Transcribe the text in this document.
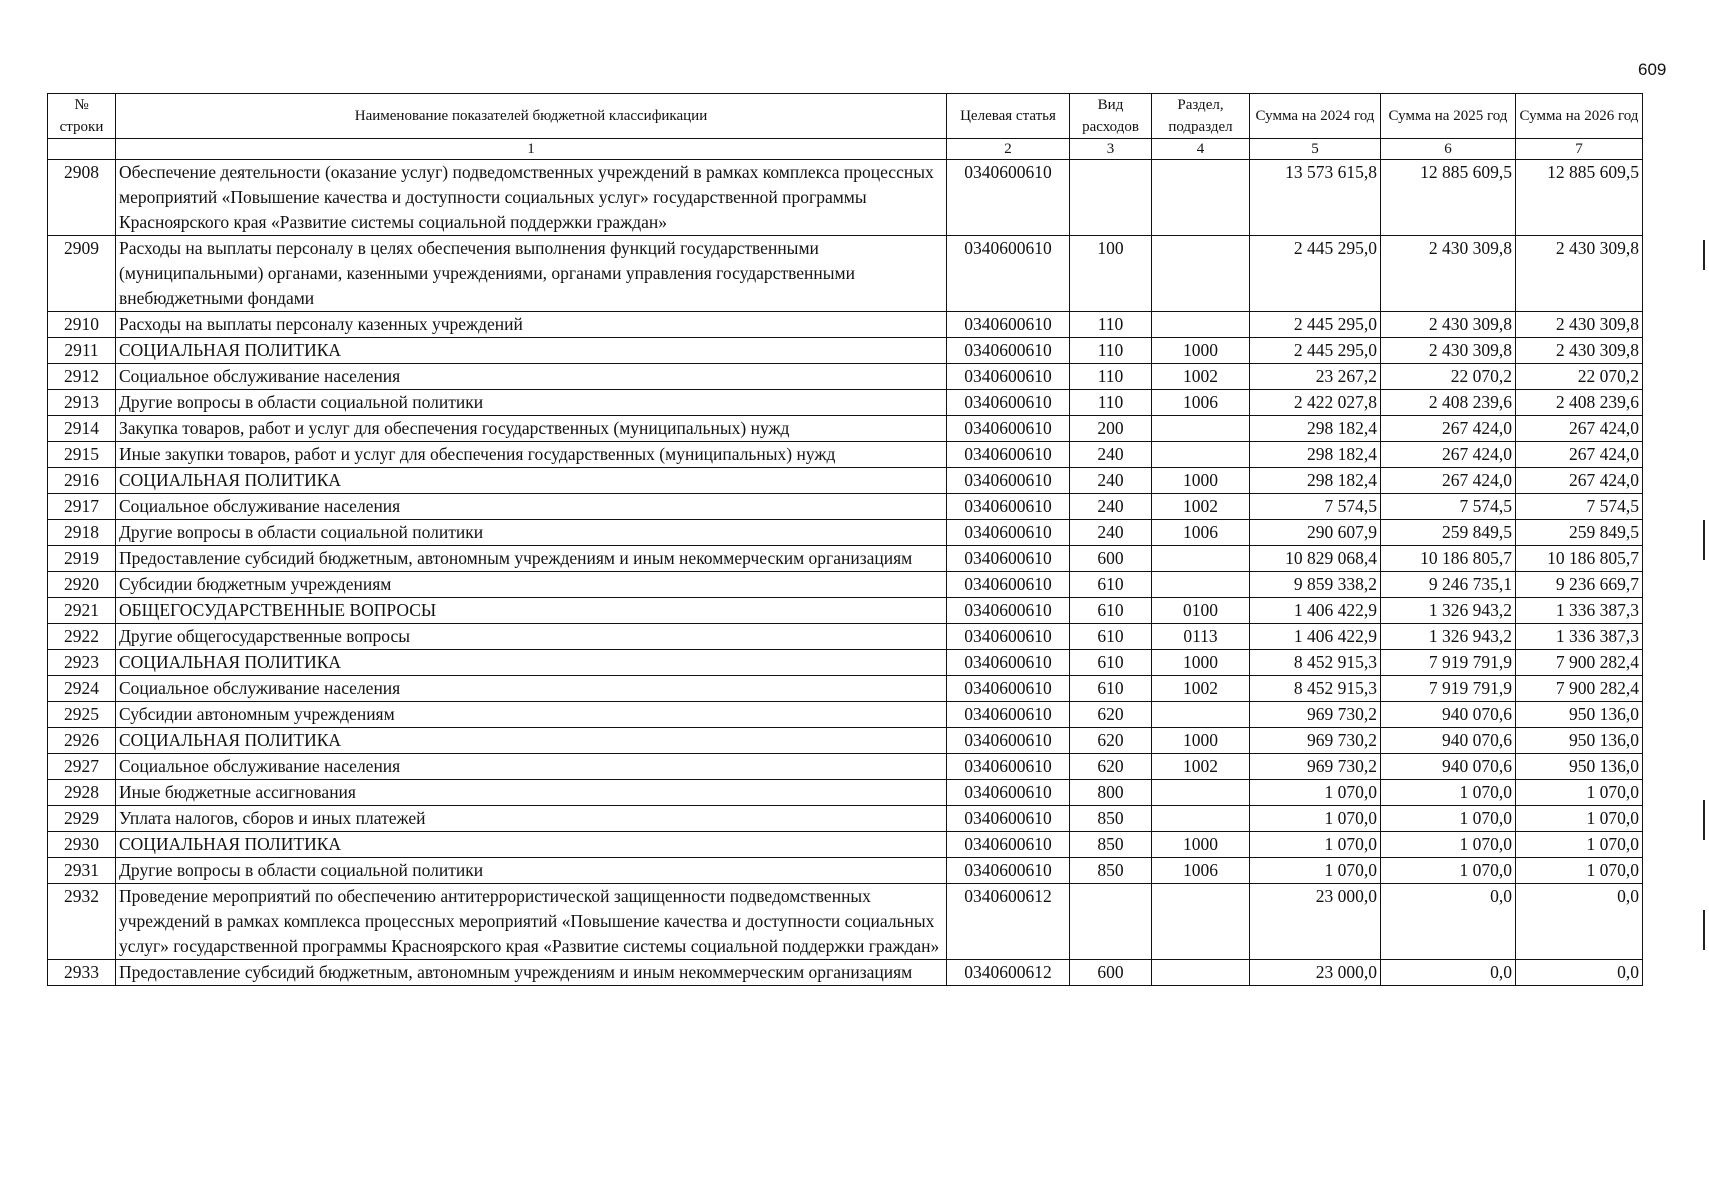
609
№ строки	Наименование показателей бюджетной классификации	Целевая статья	Вид расходов	Раздел, подраздел	Сумма на 2024 год	Сумма на 2025 год	Сумма на 2026 год
	1	2	3	4	5	6	7
2908	Обеспечение деятельности (оказание услуг) подведомственных учреждений в рамках комплекса процессных мероприятий «Повышение качества и доступности социальных услуг» государственной программы Красноярского края «Развитие системы социальной поддержки граждан»	0340600610			13 573 615,8	12 885 609,5	12 885 609,5
2909	Расходы на выплаты персоналу в целях обеспечения выполнения функций государственными (муниципальными) органами, казенными учреждениями, органами управления государственными внебюджетными фондами	0340600610	100		2 445 295,0	2 430 309,8	2 430 309,8
2910	Расходы на выплаты персоналу казенных учреждений	0340600610	110		2 445 295,0	2 430 309,8	2 430 309,8
2911	СОЦИАЛЬНАЯ ПОЛИТИКА	0340600610	110	1000	2 445 295,0	2 430 309,8	2 430 309,8
2912	Социальное обслуживание населения	0340600610	110	1002	23 267,2	22 070,2	22 070,2
2913	Другие вопросы в области социальной политики	0340600610	110	1006	2 422 027,8	2 408 239,6	2 408 239,6
2914	Закупка товаров, работ и услуг для обеспечения государственных (муниципальных) нужд	0340600610	200		298 182,4	267 424,0	267 424,0
2915	Иные закупки товаров, работ и услуг для обеспечения государственных (муниципальных) нужд	0340600610	240		298 182,4	267 424,0	267 424,0
2916	СОЦИАЛЬНАЯ ПОЛИТИКА	0340600610	240	1000	298 182,4	267 424,0	267 424,0
2917	Социальное обслуживание населения	0340600610	240	1002	7 574,5	7 574,5	7 574,5
2918	Другие вопросы в области социальной политики	0340600610	240	1006	290 607,9	259 849,5	259 849,5
2919	Предоставление субсидий бюджетным, автономным учреждениям и иным некоммерческим организациям	0340600610	600		10 829 068,4	10 186 805,7	10 186 805,7
2920	Субсидии бюджетным учреждениям	0340600610	610		9 859 338,2	9 246 735,1	9 236 669,7
2921	ОБЩЕГОСУДАРСТВЕННЫЕ ВОПРОСЫ	0340600610	610	0100	1 406 422,9	1 326 943,2	1 336 387,3
2922	Другие общегосударственные вопросы	0340600610	610	0113	1 406 422,9	1 326 943,2	1 336 387,3
2923	СОЦИАЛЬНАЯ ПОЛИТИКА	0340600610	610	1000	8 452 915,3	7 919 791,9	7 900 282,4
2924	Социальное обслуживание населения	0340600610	610	1002	8 452 915,3	7 919 791,9	7 900 282,4
2925	Субсидии автономным учреждениям	0340600610	620		969 730,2	940 070,6	950 136,0
2926	СОЦИАЛЬНАЯ ПОЛИТИКА	0340600610	620	1000	969 730,2	940 070,6	950 136,0
2927	Социальное обслуживание населения	0340600610	620	1002	969 730,2	940 070,6	950 136,0
2928	Иные бюджетные ассигнования	0340600610	800		1 070,0	1 070,0	1 070,0
2929	Уплата налогов, сборов и иных платежей	0340600610	850		1 070,0	1 070,0	1 070,0
2930	СОЦИАЛЬНАЯ ПОЛИТИКА	0340600610	850	1000	1 070,0	1 070,0	1 070,0
2931	Другие вопросы в области социальной политики	0340600610	850	1006	1 070,0	1 070,0	1 070,0
2932	Проведение мероприятий по обеспечению антитеррористической защищенности подведомственных учреждений в рамках комплекса процессных мероприятий «Повышение качества и доступности социальных услуг» государственной программы Красноярского края «Развитие системы социальной поддержки граждан»	0340600612			23 000,0	0,0	0,0
2933	Предоставление субсидий бюджетным, автономным учреждениям и иным некоммерческим организациям	0340600612	600		23 000,0	0,0	0,0
